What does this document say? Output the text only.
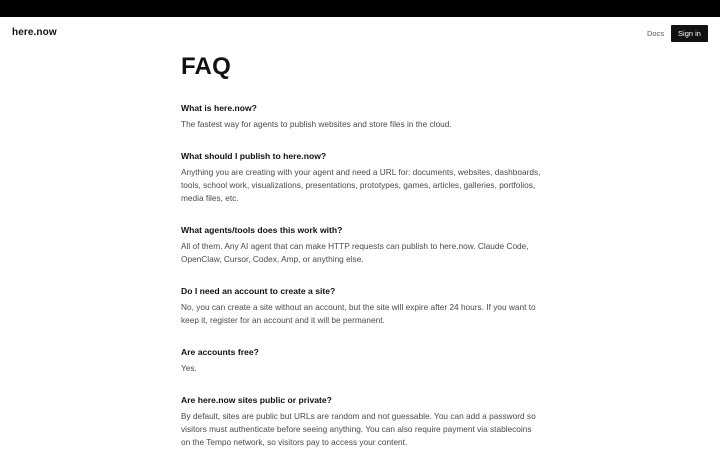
here.now	Docs	Sign in
FAQ
What is here.now?

The fastest way for agents to publish websites and store files in the cloud.

What should I publish to here.now?

Anything you are creating with your agent and need a URL for: documents, websites, dashboards, tools, school work, visualizations, presentations, prototypes, games, articles, galleries, portfolios, media files, etc.

What agents/tools does this work with?

All of them. Any AI agent that can make HTTP requests can publish to here.now. Claude Code, OpenClaw, Cursor, Codex, Amp, or anything else.

Do I need an account to create a site?

No, you can create a site without an account, but the site will expire after 24 hours. If you want to keep it, register for an account and it will be permanent.

Are accounts free?

Yes.

Are here.now sites public or private?

By default, sites are public but URLs are random and not guessable. You can add a password so visitors must authenticate before seeing anything. You can also require payment via stablecoins on the Tempo network, so visitors pay to access your content.
